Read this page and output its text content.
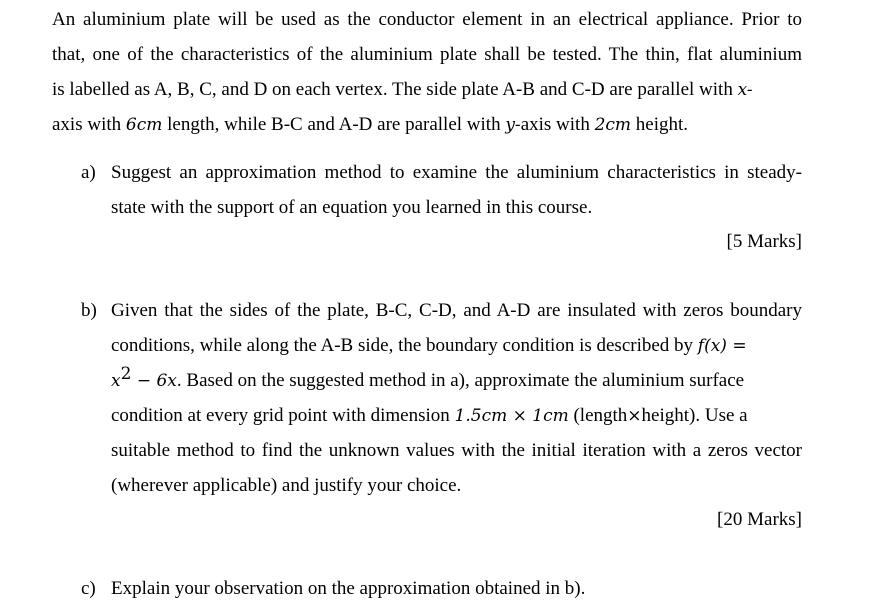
An aluminium plate will be used as the conductor element in an electrical appliance. Prior to
that, one of the characteristics of the aluminium plate shall be tested. The thin, flat aluminium
is labelled as A, B, C, and D on each vertex. The side plate A-B and C-D are parallel with x-
axis with 6cm length, while B-C and A-D are parallel with y-axis with 2cm height.
a) Suggest an approximation method to examine the aluminium characteristics in steady-
state with the support of an equation you learned in this course.
[5 Marks]
b) Given that the sides of the plate, B-C, C-D, and A-D are insulated with zeros boundary
conditions, while along the A-B side, the boundary condition is described by f(x) =
$x^2 - 6x$. Based on the suggested method in a), approximate the aluminium surface
condition at every grid point with dimension 1.5cm × 1cm (length×height). Use a
suitable method to find the unknown values with the initial iteration with a zeros vector
(wherever applicable) and justify your choice.
[20 Marks]
c) Explain your observation on the approximation obtained in b).
